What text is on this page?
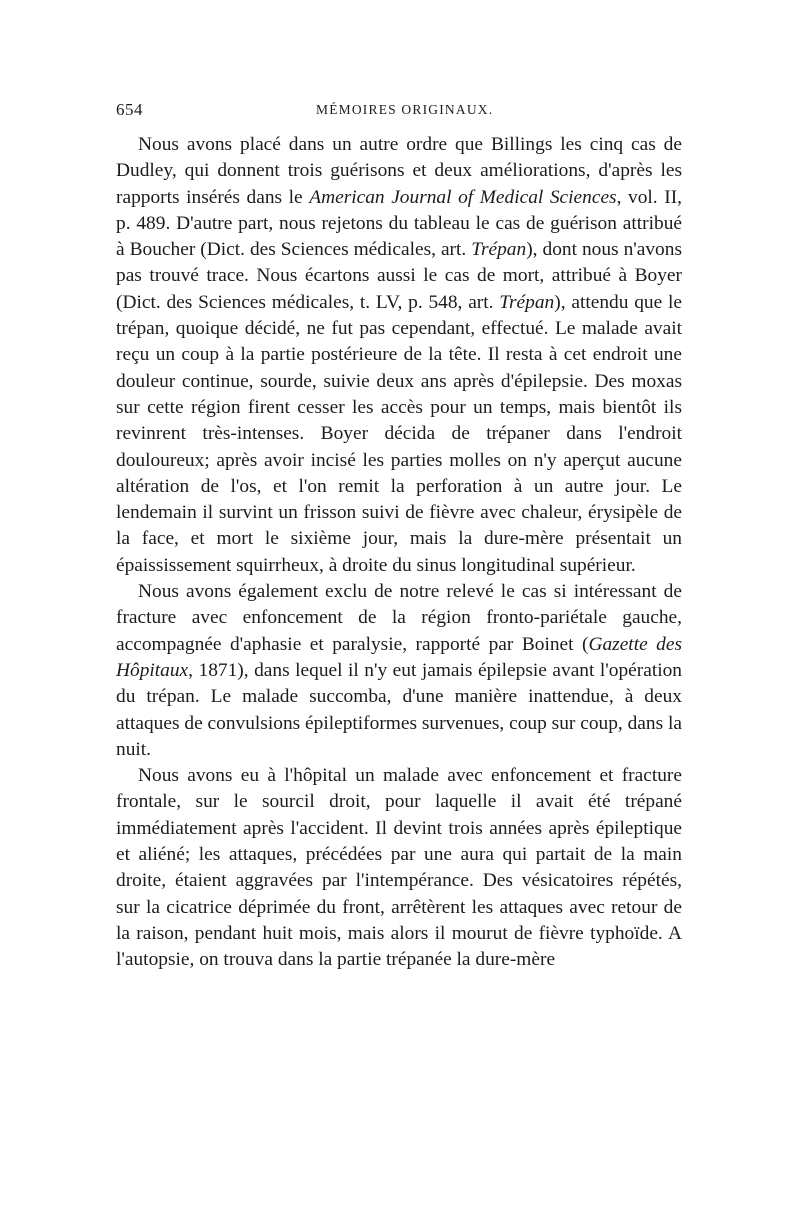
654	MÉMOIRES ORIGINAUX.

Nous avons placé dans un autre ordre que Billings les cinq cas de Dudley, qui donnent trois guérisons et deux améliorations, d'après les rapports insérés dans le American Journal of Medical Sciences, vol. II, p. 489. D'autre part, nous rejetons du tableau le cas de guérison attribué à Boucher (Dict. des Sciences médicales, art. Trépan), dont nous n'avons pas trouvé trace. Nous écartons aussi le cas de mort, attribué à Boyer (Dict. des Sciences médicales, t. LV, p. 548, art. Trépan), attendu que le trépan, quoique décidé, ne fut pas cependant, effectué. Le malade avait reçu un coup à la partie postérieure de la tête. Il resta à cet endroit une douleur continue, sourde, suivie deux ans après d'épilepsie. Des moxas sur cette région firent cesser les accès pour un temps, mais bientôt ils revinrent très-intenses. Boyer décida de trépaner dans l'endroit douloureux; après avoir incisé les parties molles on n'y aperçut aucune altération de l'os, et l'on remit la perforation à un autre jour. Le lendemain il survint un frisson suivi de fièvre avec chaleur, érysipèle de la face, et mort le sixième jour, mais la dure-mère présentait un épaississement squirrheux, à droite du sinus longitudinal supérieur.

Nous avons également exclu de notre relevé le cas si intéressant de fracture avec enfoncement de la région fronto-pariétale gauche, accompagnée d'aphasie et paralysie, rapporté par Boinet (Gazette des Hôpitaux, 1871), dans lequel il n'y eut jamais épilepsie avant l'opération du trépan. Le malade succomba, d'une manière inattendue, à deux attaques de convulsions épileptiformes survenues, coup sur coup, dans la nuit.

Nous avons eu à l'hôpital un malade avec enfoncement et fracture frontale, sur le sourcil droit, pour laquelle il avait été trépané immédiatement après l'accident. Il devint trois années après épileptique et aliéné; les attaques, précédées par une aura qui partait de la main droite, étaient aggravées par l'intempérance. Des vésicatoires répétés, sur la cicatrice déprimée du front, arrêtèrent les attaques avec retour de la raison, pendant huit mois, mais alors il mourut de fièvre typhoïde. A l'autopsie, on trouva dans la partie trépanée la dure-mère
